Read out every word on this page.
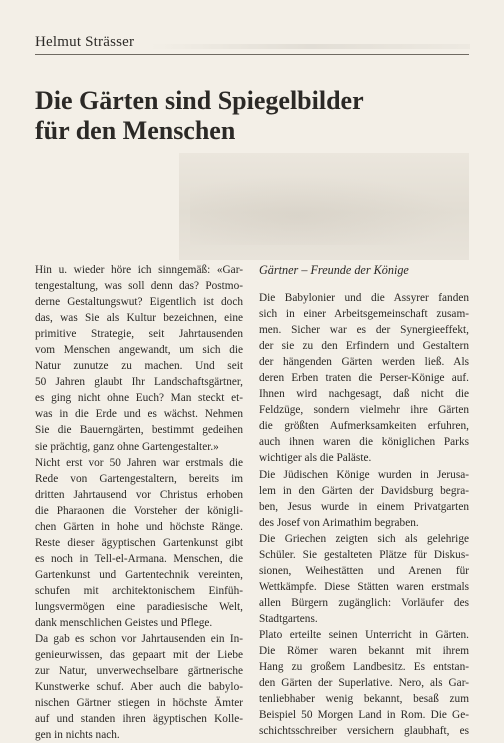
Helmut Strässer
Die Gärten sind Spiegelbilder
für den Menschen
Hin u. wieder höre ich sinngemäß: «Gar-
tengestaltung, was soll denn das? Postmo-
derne Gestaltungswut? Eigentlich ist doch
das, was Sie als Kultur bezeichnen, eine
primitive Strategie, seit Jahrtausenden
vom Menschen angewandt, um sich die
Natur zunutze zu machen. Und seit
50 Jahren glaubt Ihr Landschaftsgärtner,
es ging nicht ohne Euch? Man steckt et-
was in die Erde und es wächst. Nehmen
Sie die Bauerngärten, bestimmt gedeihen
sie prächtig, ganz ohne Gartengestalter.»
Nicht erst vor 50 Jahren war erstmals die
Rede von Gartengestaltern, bereits im
dritten Jahrtausend vor Christus erhoben
die Pharaonen die Vorsteher der königli-
chen Gärten in hohe und höchste Ränge.
Reste dieser ägyptischen Gartenkunst gibt
es noch in Tell-el-Armana. Menschen, die
Gartenkunst und Gartentechnik vereinten,
schufen mit architektonischem Einfüh-
lungsvermögen eine paradiesische Welt,
dank menschlichen Geistes und Pflege.
Da gab es schon vor Jahrtausenden ein In-
genieurwissen, das gepaart mit der Liebe
zur Natur, unverwechselbare gärtnerische
Kunstwerke schuf. Aber auch die babylo-
nischen Gärtner stiegen in höchste Ämter
auf und standen ihren ägyptischen Kolle-
gen in nichts nach.
Gärtner – Freunde der Könige
Die Babylonier und die Assyrer fanden
sich in einer Arbeitsgemeinschaft zusam-
men. Sicher war es der Synergieeffekt,
der sie zu den Erfindern und Gestaltern
der hängenden Gärten werden ließ. Als
deren Erben traten die Perser-Könige auf.
Ihnen wird nachgesagt, daß nicht die
Feldzüge, sondern vielmehr ihre Gärten
die größten Aufmerksamkeiten erfuhren,
auch ihnen waren die königlichen Parks
wichtiger als die Paläste.
Die Jüdischen Könige wurden in Jerusa-
lem in den Gärten der Davidsburg begra-
ben, Jesus wurde in einem Privatgarten
des Josef von Arimathim begraben.
Die Griechen zeigten sich als gelehrige
Schüler. Sie gestalteten Plätze für Diskus-
sionen, Weihestätten und Arenen für
Wettkämpfe. Diese Stätten waren erstmals
allen Bürgern zugänglich: Vorläufer des
Stadtgartens.
Plato erteilte seinen Unterricht in Gärten.
Die Römer waren bekannt mit ihrem
Hang zu großem Landbesitz. Es entstan-
den Gärten der Superlative. Nero, als Gar-
tenliebhaber wenig bekannt, besaß zum
Beispiel 50 Morgen Land in Rom. Die Ge-
schichtsschreiber versichern glaubhaft, es
